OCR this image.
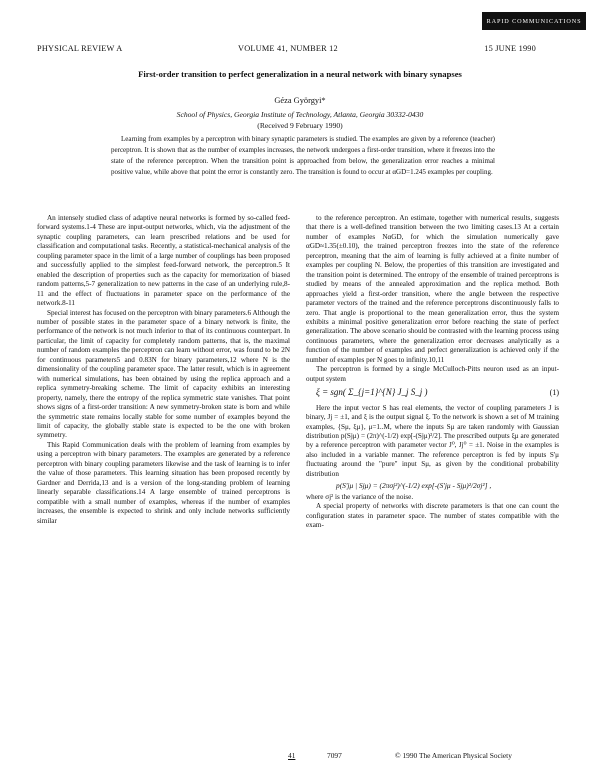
RAPID COMMUNICATIONS
PHYSICAL REVIEW A	VOLUME 41, NUMBER 12	15 JUNE 1990
First-order transition to perfect generalization in a neural network with binary synapses
Géza Györgyi*
School of Physics, Georgia Institute of Technology, Atlanta, Georgia 30332-0430
(Received 9 February 1990)
Learning from examples by a perceptron with binary synaptic parameters is studied. The examples are given by a reference (teacher) perceptron. It is shown that as the number of examples increases, the network undergoes a first-order transition, where it freezes into the state of the reference perceptron. When the transition point is approached from below, the generalization error reaches a minimal positive value, while above that point the error is constantly zero. The transition is found to occur at αGD=1.245 examples per coupling.

An intensely studied class of adaptive neural networks is formed by so-called feed-forward systems.1-4 These are input-output networks, which, via the adjustment of the synaptic coupling parameters, can learn prescribed relations and be used for classification and computational tasks. Recently, a statistical-mechanical analysis of the coupling parameter space in the limit of a large number of couplings has been proposed and successfully applied to the simplest feed-forward network, the perceptron.5 It enabled the description of properties such as the capacity for memorization of biased random patterns,5-7 generalization to new patterns in the case of an underlying rule,8-11 and the effect of fluctuations in parameter space on the performance of the network.8-11

Special interest has focused on the perceptron with binary parameters.6 Although the number of possible states in the parameter space of a binary network is finite, the performance of the network is not much inferior to that of its continuous counterpart. In particular, the limit of capacity for completely random patterns, that is, the maximal number of random examples the perceptron can learn without error, was found to be 2N for continuous parameters5 and 0.83N for binary parameters,12 where N is the dimensionality of the coupling parameter space. The latter result, which is in agreement with numerical simulations, has been obtained by using the replica approach and a replica symmetry-breaking scheme. The limit of capacity exhibits an interesting property, namely, there the entropy of the replica symmetric state vanishes. That point shows signs of a first-order transition: A new symmetry-broken state is born and while the symmetric state remains locally stable for some number of examples beyond the limit of capacity, the globally stable state is expected to be the one with broken symmetry.

This Rapid Communication deals with the problem of learning from examples by using a perceptron with binary parameters. The examples are generated by a reference perceptron with binary coupling parameters likewise and the task of learning is to infer the value of those parameters. This learning situation has been proposed recently by Gardner and Derrida,13 and is a version of the long-standing problem of learning linearly separable classifications.14 A large ensemble of trained perceptrons is compatible with a small number of examples, whereas if the number of examples increases, the ensemble is expected to shrink and only include networks sufficiently similar

to the reference perceptron. An estimate, together with numerical results, suggests that there is a well-defined transition between the two limiting cases.13 At a certain number of examples NαGD, for which the simulation numerically gave αGD≈1.35(±0.10), the trained perceptron freezes into the state of the reference perceptron, meaning that the aim of learning is fully achieved at a finite number of examples per coupling N. Below, the properties of this transition are investigated and the transition point is determined. The entropy of the ensemble of trained perceptrons is studied by means of the annealed approximation and the replica method. Both approaches yield a first-order transition, where the angle between the respective parameter vectors of the trained and the reference perceptrons discontinuously falls to zero. That angle is proportional to the mean generalization error, thus the system exhibits a minimal positive generalization error before reaching the state of perfect generalization. The above scenario should be contrasted with the learning process using continuous parameters, where the generalization error decreases analytically as a function of the number of examples and perfect generalization is achieved only if the number of examples per N goes to infinity.10,11

The perceptron is formed by a single McCulloch-Pitts neuron used as an input-output system

ξ = sgn( Σ_{j=1}^{N} J_j S_j )	(1)

Here the input vector S has real elements, the vector of coupling parameters J is binary, Jj = ±1, and ξ is the output signal ξ. To the network is shown a set of M training examples, {Sμ, ξμ}, μ=1..M, where the inputs Sμ are taken randomly with Gaussian distribution p(Sjμ) = (2π)^(-1/2) exp[-(Sjμ)²/2]. The prescribed outputs ξμ are generated by a reference perceptron with parameter vector J⁰, Jj⁰ = ±1. Noise in the examples is also included in a variable manner. The reference perceptron is fed by inputs S'μ fluctuating around the "pure" input Sμ, as given by the conditional probability distribution

p(S'jμ | Sjμ) = (2πσj²)^(-1/2) exp[-(S'jμ - Sjμ)²/2σj²] ,

where σj² is the variance of the noise.

A special property of networks with discrete parameters is that one can count the configuration states in parameter space. The number of states compatible with the exam-

41	7097	© 1990 The American Physical Society
